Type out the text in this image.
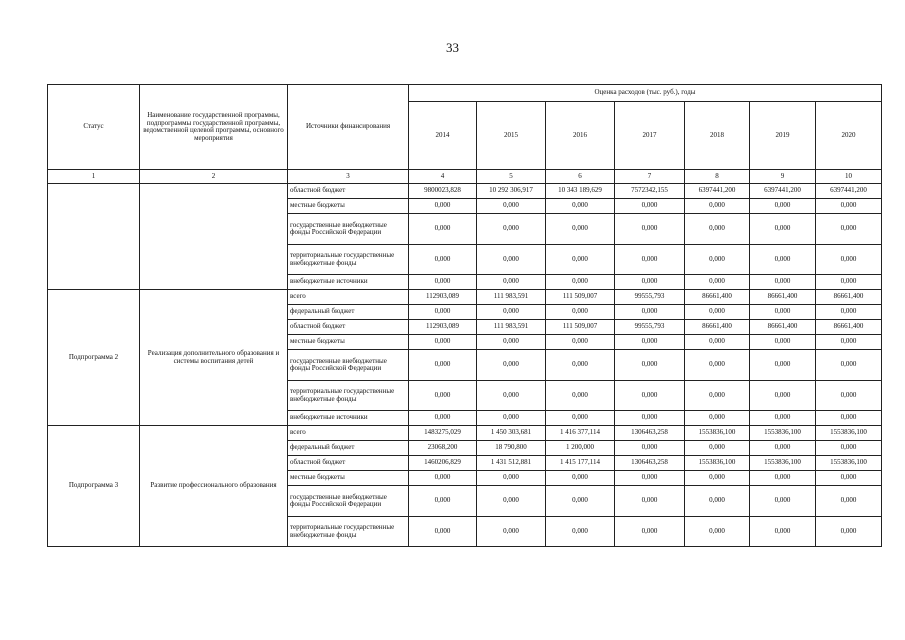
33
Статус	Наименование государственной программы, подпрограммы государственной программы, ведомственной целевой программы, основного мероприятия	Источники финансирования	Оценка расходов (тыс. руб.), годы						
			2014	2015	2016	2017	2018	2019	2020
1	2	3	4	5	6	7	8	9	10
		областной бюджет	9800023,828	10 292 306,917	10 343 189,629	7572342,155	6397441,200	6397441,200	6397441,200
		местные бюджеты	0,000	0,000	0,000	0,000	0,000	0,000	0,000
		государственные внебюджетные фонды Российской Федерации	0,000	0,000	0,000	0,000	0,000	0,000	0,000
		территориальные государственные внебюджетные фонды	0,000	0,000	0,000	0,000	0,000	0,000	0,000
		внебюджетные источники	0,000	0,000	0,000	0,000	0,000	0,000	0,000
Подпрограмма 2	Реализация дополнительного образования и системы воспитания детей	всего	112903,089	111 983,591	111 509,007	99555,793	86661,400	86661,400	86661,400
		федеральный бюджет	0,000	0,000	0,000	0,000	0,000	0,000	0,000
		областной бюджет	112903,089	111 983,591	111 509,007	99555,793	86661,400	86661,400	86661,400
		местные бюджеты	0,000	0,000	0,000	0,000	0,000	0,000	0,000
		государственные внебюджетные фонды Российской Федерации	0,000	0,000	0,000	0,000	0,000	0,000	0,000
		территориальные государственные внебюджетные фонды	0,000	0,000	0,000	0,000	0,000	0,000	0,000
		внебюджетные источники	0,000	0,000	0,000	0,000	0,000	0,000	0,000
Подпрограмма 3	Развитие профессионального образования	всего	1483275,029	1 450 303,681	1 416 377,114	1306463,258	1553836,100	1553836,100	1553836,100
		федеральный бюджет	23068,200	18 790,800	1 200,000	0,000	0,000	0,000	0,000
		областной бюджет	1460206,829	1 431 512,881	1 415 177,114	1306463,258	1553836,100	1553836,100	1553836,100
		местные бюджеты	0,000	0,000	0,000	0,000	0,000	0,000	0,000
		государственные внебюджетные фонды Российской Федерации	0,000	0,000	0,000	0,000	0,000	0,000	0,000
		территориальные государственные внебюджетные фонды	0,000	0,000	0,000	0,000	0,000	0,000	0,000
